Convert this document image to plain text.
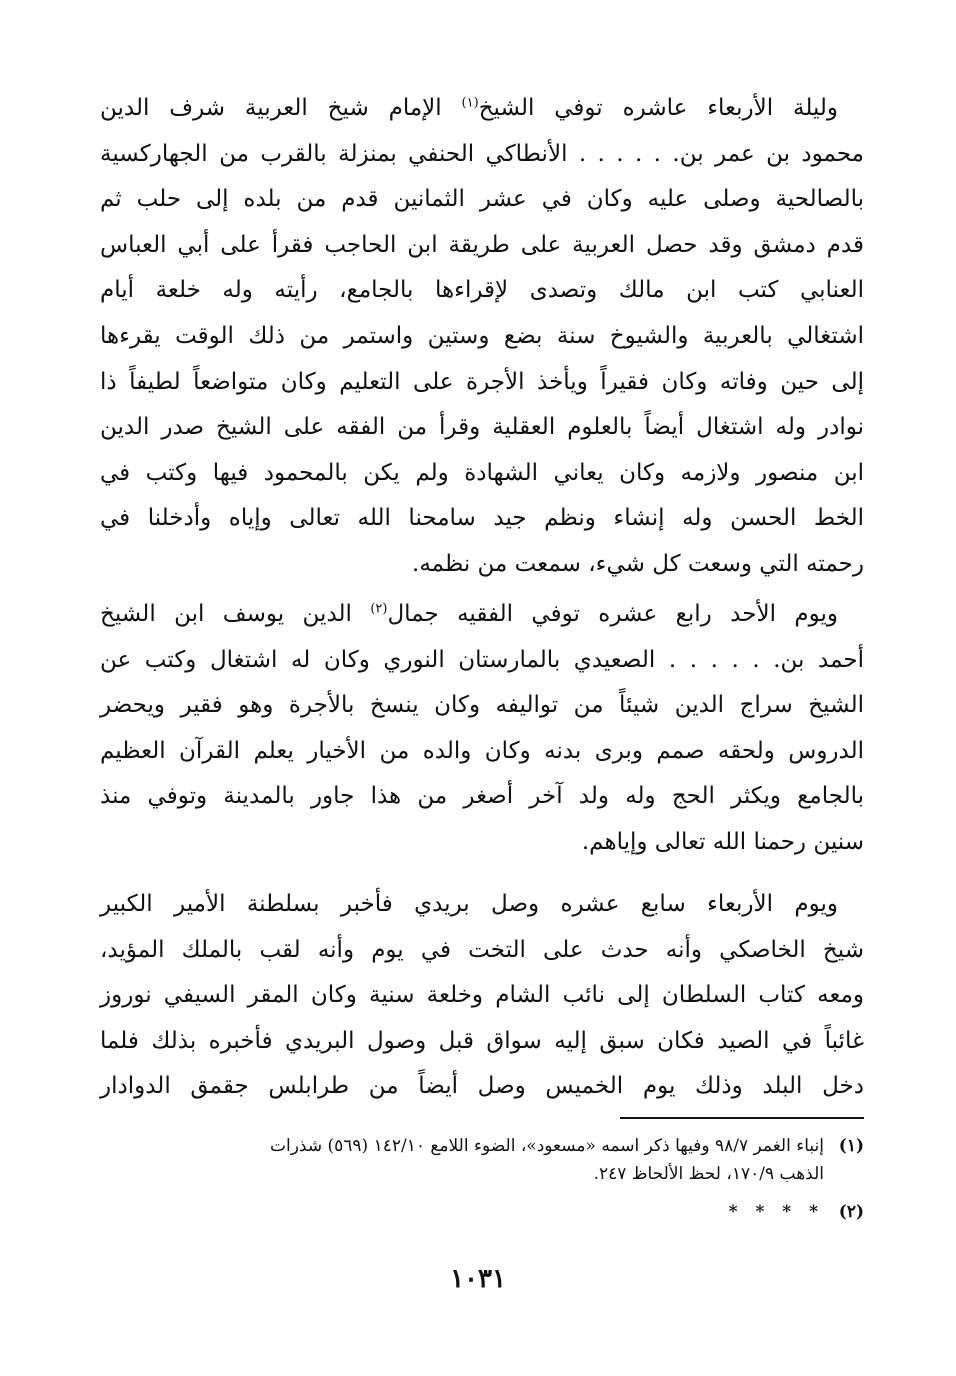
وليلة الأربعاء عاشره توفي الشيخ$^{(١)}$ الإمام شيخ العربية شرف الدين
محمود بن عمر بن. . . . . . الأنطاكي الحنفي بمنزلة بالقرب من الجهاركسية
بالصالحية وصلى عليه وكان في عشر الثمانين قدم من بلده إلى حلب ثم
قدم دمشق وقد حصل العربية على طريقة ابن الحاجب فقرأ على أبي العباس
العنابي كتب ابن مالك وتصدى لإقراءها بالجامع، رأيته وله خلعة أيام
اشتغالي بالعربية والشيوخ سنة بضع وستين واستمر من ذلك الوقت يقرءها
إلى حين وفاته وكان فقيراً ويأخذ الأجرة على التعليم وكان متواضعاً لطيفاً ذا
نوادر وله اشتغال أيضاً بالعلوم العقلية وقرأ من الفقه على الشيخ صدر الدين
ابن منصور ولازمه وكان يعاني الشهادة ولم يكن بالمحمود فيها وكتب في
الخط الحسن وله إنشاء ونظم جيد سامحنا الله تعالى وإياه وأدخلنا في
رحمته التي وسعت كل شيء، سمعت من نظمه.

ويوم الأحد رابع عشره توفي الفقيه جمال$^{(٢)}$ الدين يوسف ابن الشيخ
أحمد بن. . . . . . الصعيدي بالمارستان النوري وكان له اشتغال وكتب عن
الشيخ سراج الدين شيئاً من تواليفه وكان ينسخ بالأجرة وهو فقير ويحضر
الدروس ولحقه صمم وبرى بدنه وكان والده من الأخيار يعلم القرآن العظيم
بالجامع ويكثر الحج وله ولد آخر أصغر من هذا جاور بالمدينة وتوفي منذ
سنين رحمنا الله تعالى وإياهم.

ويوم الأربعاء سابع عشره وصل بريدي فأخبر بسلطنة الأمير الكبير
شيخ الخاصكي وأنه حدث على التخت في يوم وأنه لقب بالملك المؤيد،
ومعه كتاب السلطان إلى نائب الشام وخلعة سنية وكان المقر السيفي نوروز
غائباً في الصيد فكان سبق إليه سواق قبل وصول البريدي فأخبره بذلك فلما
دخل البلد وذلك يوم الخميس وصل أيضاً من طرابلس جقمق الدوادار

(١)إنباء الغمر ٩٨/٧ وفيها ذكر اسمه «مسعود»، الضوء اللامع ١٤٢/١٠ (٥٦٩) شذرات
الذهب ١٧٠/٩، لحظ الألحاظ ٢٤٧.
(٢)* * * *
١٠٣١
